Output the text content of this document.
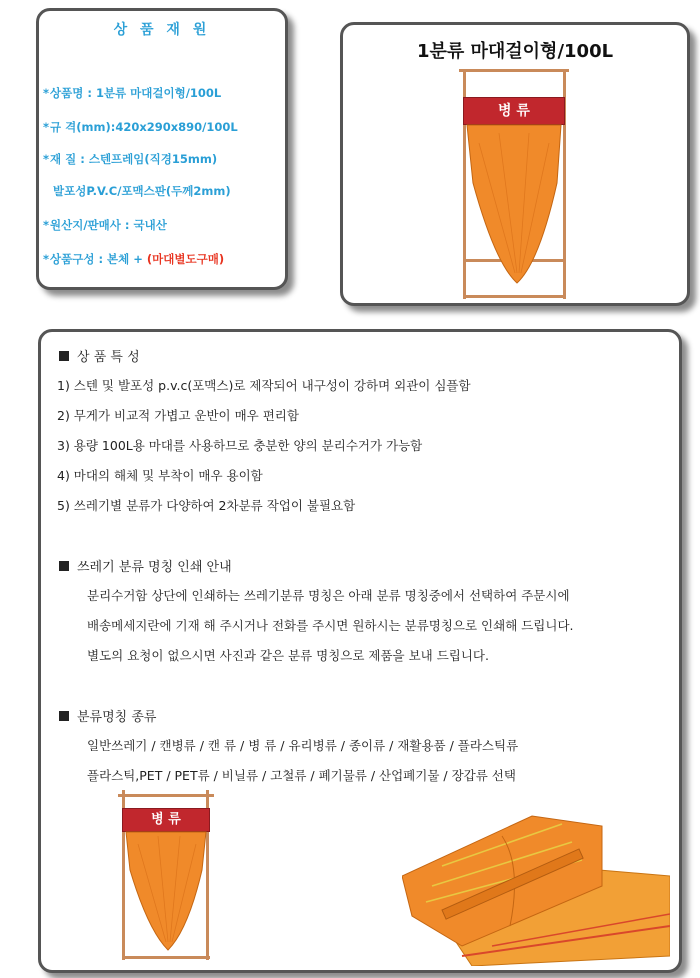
상 품 재 원
*상품명 : 1분류 마대걸이형/100L
*규 격(mm):420x290x890/100L
*재 질 : 스텐프레임(직경15mm)
발포성P.V.C/포맥스판(두께2mm)
*원산지/판매사 : 국내산
*상품구성 : 본체 + (마대별도구매)
1분류 마대걸이형/100L
병 류
상 품 특 성
1) 스텐 및 발포성 p.v.c(포맥스)로 제작되어 내구성이 강하며 외관이 심플함
2) 무게가 비교적 가볍고 운반이 매우 편리함
3) 용량 100L용 마대를 사용하므로 충분한 양의 분리수거가 가능함
4) 마대의 해체 및 부착이 매우 용이함
5) 쓰레기별 분류가 다양하여 2차분류 작업이 불필요함
쓰레기 분류 명칭 인쇄 안내
분리수거함 상단에 인쇄하는 쓰레기분류 명칭은 아래 분류 명칭중에서 선택하여 주문시에
배송메세지란에 기재 해 주시거나 전화를 주시면 원하시는 분류명칭으로 인쇄해 드립니다.
별도의 요청이 없으시면 사진과 같은 분류 명칭으로 제품을 보내 드립니다.
분류명칭 종류
일반쓰레기 / 캔병류 / 캔 류 / 병 류 / 유리병류 / 종이류 / 재활용품 / 플라스틱류
플라스틱,PET / PET류 / 비닐류 / 고철류 / 폐기물류 / 산업폐기물 / 장갑류 선택
병 류
